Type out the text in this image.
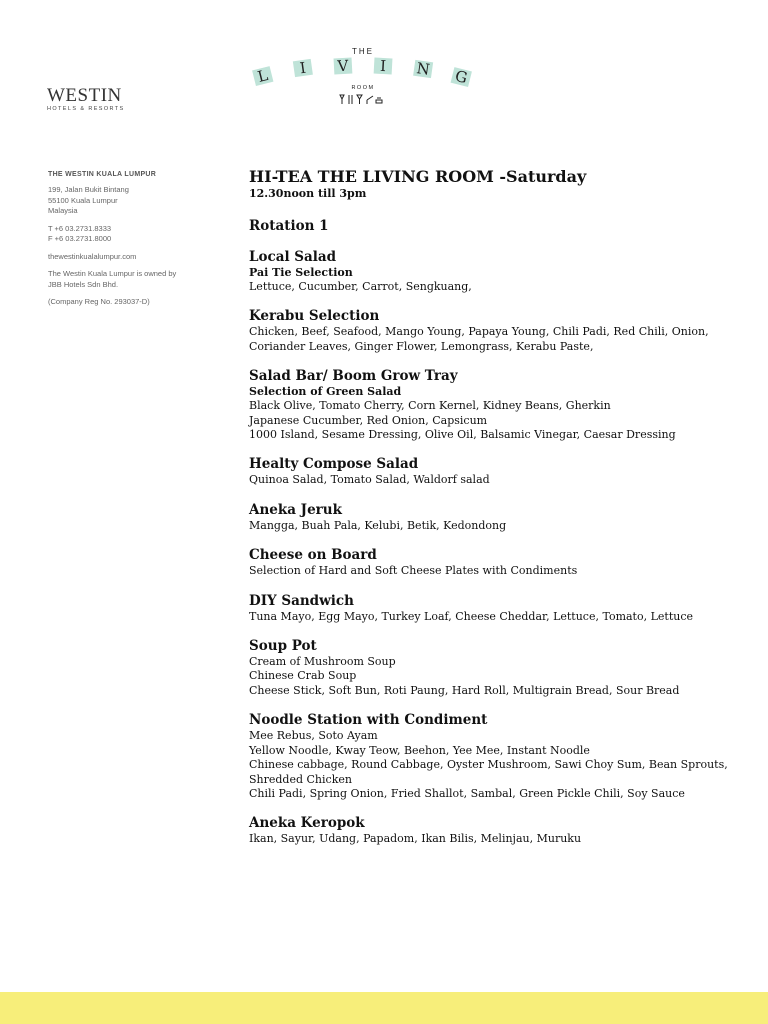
WESTIN
HOTELS & RESORTS
THE
L I V I N G
ROOM
THE WESTIN KUALA LUMPUR
199, Jalan Bukit Bintang
55100 Kuala Lumpur
Malaysia
T +6 03.2731.8333
F +6 03.2731.8000
thewestinkualalumpur.com
The Westin Kuala Lumpur is owned by
JBB Hotels Sdn Bhd.
(Company Reg No. 293037-D)
HI-TEA THE LIVING ROOM -Saturday
12.30noon till 3pm
Rotation 1
Local Salad
Pai Tie Selection
Lettuce, Cucumber, Carrot, Sengkuang,
Kerabu Selection
Chicken, Beef, Seafood, Mango Young, Papaya Young, Chili Padi, Red Chili, Onion,
Coriander Leaves, Ginger Flower, Lemongrass, Kerabu Paste,
Salad Bar/ Boom Grow Tray
Selection of Green Salad
Black Olive, Tomato Cherry, Corn Kernel, Kidney Beans, Gherkin
Japanese Cucumber, Red Onion, Capsicum
1000 Island, Sesame Dressing, Olive Oil, Balsamic Vinegar, Caesar Dressing
Healty Compose Salad
Quinoa Salad, Tomato Salad, Waldorf salad
Aneka Jeruk
Mangga, Buah Pala, Kelubi, Betik, Kedondong
Cheese on Board
Selection of Hard and Soft Cheese Plates with Condiments
DIY Sandwich
Tuna Mayo, Egg Mayo, Turkey Loaf, Cheese Cheddar, Lettuce, Tomato, Lettuce
Soup Pot
Cream of Mushroom Soup
Chinese Crab Soup
Cheese Stick, Soft Bun, Roti Paung, Hard Roll, Multigrain Bread, Sour Bread
Noodle Station with Condiment
Mee Rebus, Soto Ayam
Yellow Noodle, Kway Teow, Beehon, Yee Mee, Instant Noodle
Chinese cabbage, Round Cabbage, Oyster Mushroom, Sawi Choy Sum, Bean Sprouts,
Shredded Chicken
Chili Padi, Spring Onion, Fried Shallot, Sambal, Green Pickle Chili, Soy Sauce
Aneka Keropok
Ikan, Sayur, Udang, Papadom, Ikan Bilis, Melinjau, Muruku
